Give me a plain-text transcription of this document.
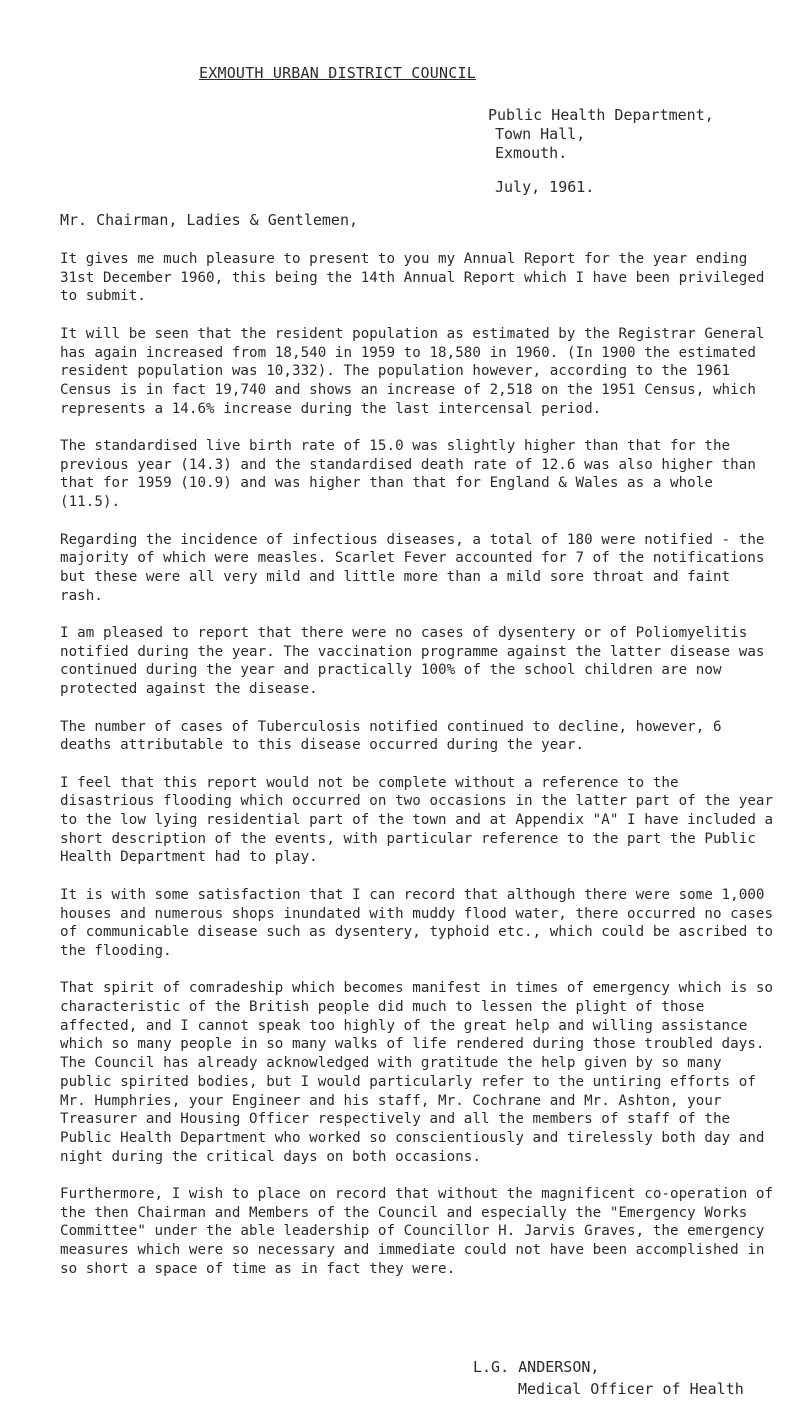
EXMOUTH URBAN DISTRICT COUNCIL
Public Health Department,
Town Hall,
Exmouth.
July, 1961.
Mr. Chairman, Ladies & Gentlemen,

It gives me much pleasure to present to you my Annual Report for the year ending 31st December 1960, this being the 14th Annual Report which I have been privileged to submit.

It will be seen that the resident population as estimated by the Registrar General has again increased from 18,540 in 1959 to 18,580 in 1960. (In 1900 the estimated resident population was 10,332). The population however, according to the 1961 Census is in fact 19,740 and shows an increase of 2,518 on the 1951 Census, which represents a 14.6% increase during the last intercensal period.

The standardised live birth rate of 15.0 was slightly higher than that for the previous year (14.3) and the standardised death rate of 12.6 was also higher than that for 1959 (10.9) and was higher than that for England & Wales as a whole (11.5).

Regarding the incidence of infectious diseases, a total of 180 were notified - the majority of which were measles. Scarlet Fever accounted for 7 of the notifications but these were all very mild and little more than a mild sore throat and faint rash.

I am pleased to report that there were no cases of dysentery or of Poliomyelitis notified during the year. The vaccination programme against the latter disease was continued during the year and practically 100% of the school children are now protected against the disease.

The number of cases of Tuberculosis notified continued to decline, however, 6 deaths attributable to this disease occurred during the year.

I feel that this report would not be complete without a reference to the disastrious flooding which occurred on two occasions in the latter part of the year to the low lying residential part of the town and at Appendix "A" I have included a short description of the events, with particular reference to the part the Public Health Department had to play.

It is with some satisfaction that I can record that although there were some 1,000 houses and numerous shops inundated with muddy flood water, there occurred no cases of communicable disease such as dysentery, typhoid etc., which could be ascribed to the flooding.

That spirit of comradeship which becomes manifest in times of emergency which is so characteristic of the British people did much to lessen the plight of those affected, and I cannot speak too highly of the great help and willing assistance which so many people in so many walks of life rendered during those troubled days. The Council has already acknowledged with gratitude the help given by so many public spirited bodies, but I would particularly refer to the untiring efforts of Mr. Humphries, your Engineer and his staff, Mr. Cochrane and Mr. Ashton, your Treasurer and Housing Officer respectively and all the members of staff of the Public Health Department who worked so conscientiously and tirelessly both day and night during the critical days on both occasions.

Furthermore, I wish to place on record that without the magnificent co-operation of the then Chairman and Members of the Council and especially the "Emergency Works Committee" under the able leadership of Councillor H. Jarvis Graves, the emergency measures which were so necessary and immediate could not have been accomplished in so short a space of time as in fact they were.

L.G. ANDERSON,
Medical Officer of Health
